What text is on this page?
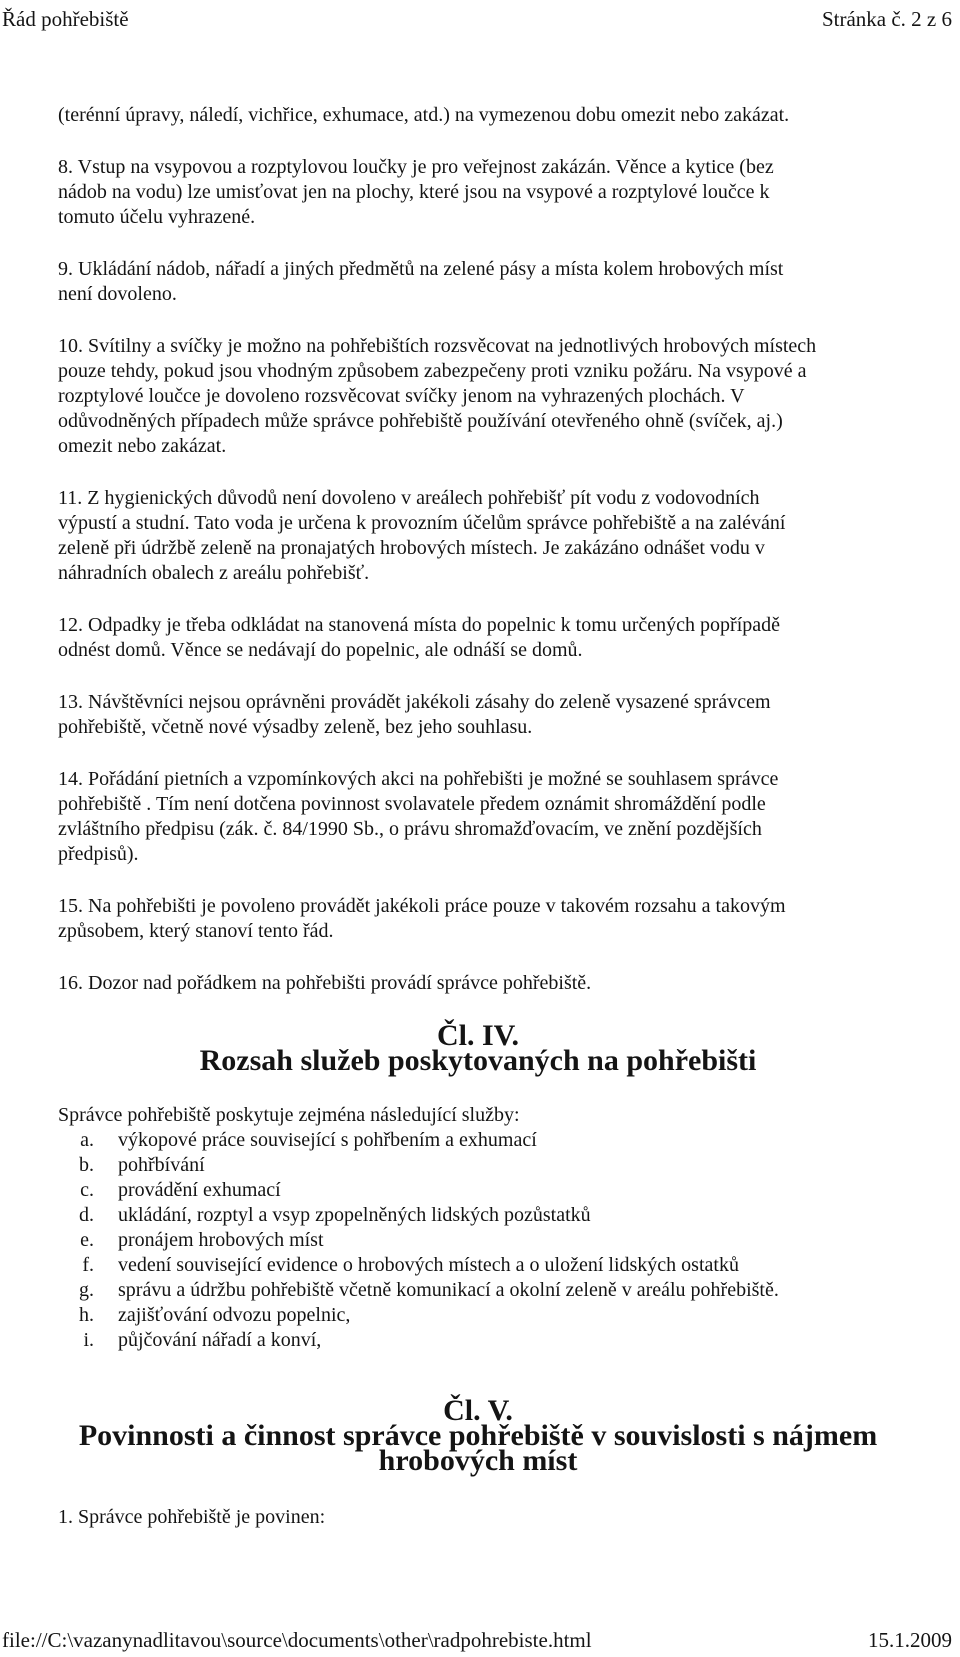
Řád pohřebiště	Stránka č. 2 z 6

(terénní úpravy, náledí, vichřice, exhumace, atd.) na vymezenou dobu omezit nebo zakázat.

8. Vstup na vsypovou a rozptylovou loučky je pro veřejnost zakázán. Věnce a kytice (bez

nádob na vodu) lze umisťovat jen na plochy, které jsou na vsypové a rozptylové loučce k

tomuto účelu vyhrazené.

9. Ukládání nádob, nářadí a jiných předmětů na zelené pásy a místa kolem hrobových míst

není dovoleno.

10. Svítilny a svíčky je možno na pohřebištích rozsvěcovat na jednotlivých hrobových místech

pouze tehdy, pokud jsou vhodným způsobem zabezpečeny proti vzniku požáru. Na vsypové a

rozptylové loučce je dovoleno rozsvěcovat svíčky jenom na vyhrazených plochách. V

odůvodněných případech může správce pohřebiště používání otevřeného ohně (svíček, aj.)

omezit nebo zakázat.

11. Z hygienických důvodů není dovoleno v areálech pohřebišť pít vodu z vodovodních

výpustí a studní. Tato voda je určena k provozním účelům správce pohřebiště a na zalévání

zeleně při údržbě zeleně na pronajatých hrobových místech. Je zakázáno odnášet vodu v

náhradních obalech z areálu pohřebišť.

12. Odpadky je třeba odkládat na stanovená místa do popelnic k tomu určených popřípadě

odnést domů. Věnce se nedávají do popelnic, ale odnáší se domů.

13. Návštěvníci nejsou oprávněni provádět jakékoli zásahy do zeleně vysazené správcem

pohřebiště, včetně nové výsadby zeleně, bez jeho souhlasu.

14. Pořádání pietních a vzpomínkových akci na pohřebišti je možné se souhlasem správce

pohřebiště . Tím není dotčena povinnost svolavatele předem oznámit shromáždění podle

zvláštního předpisu (zák. č. 84/1990 Sb., o právu shromažďovacím, ve znění pozdějších

předpisů).

15. Na pohřebišti je povoleno provádět jakékoli práce pouze v takovém rozsahu a takovým

způsobem, který stanoví tento řád.

16. Dozor nad pořádkem na pohřebišti provádí správce pohřebiště.

Čl. IV.
Rozsah služeb poskytovaných na pohřebišti

Správce pohřebiště poskytuje zejména následující služby:

a. výkopové práce související s pohřbením a exhumací
b. pohřbívání
c. provádění exhumací
d. ukládání, rozptyl a vsyp zpopelněných lidských pozůstatků
e. pronájem hrobových míst
f. vedení související evidence o hrobových místech a o uložení lidských ostatků
g. správu a údržbu pohřebiště včetně komunikací a okolní zeleně v areálu pohřebiště.
h. zajišťování odvozu popelnic,
i. půjčování nářadí a konví,
Čl. V.
Povinnosti a činnost správce pohřebiště v souvislosti s nájmem hrobových míst

1. Správce pohřebiště je povinen:

file://C:\vazanynadlitavou\source\documents\other\radpohrebiste.html	15.1.2009
